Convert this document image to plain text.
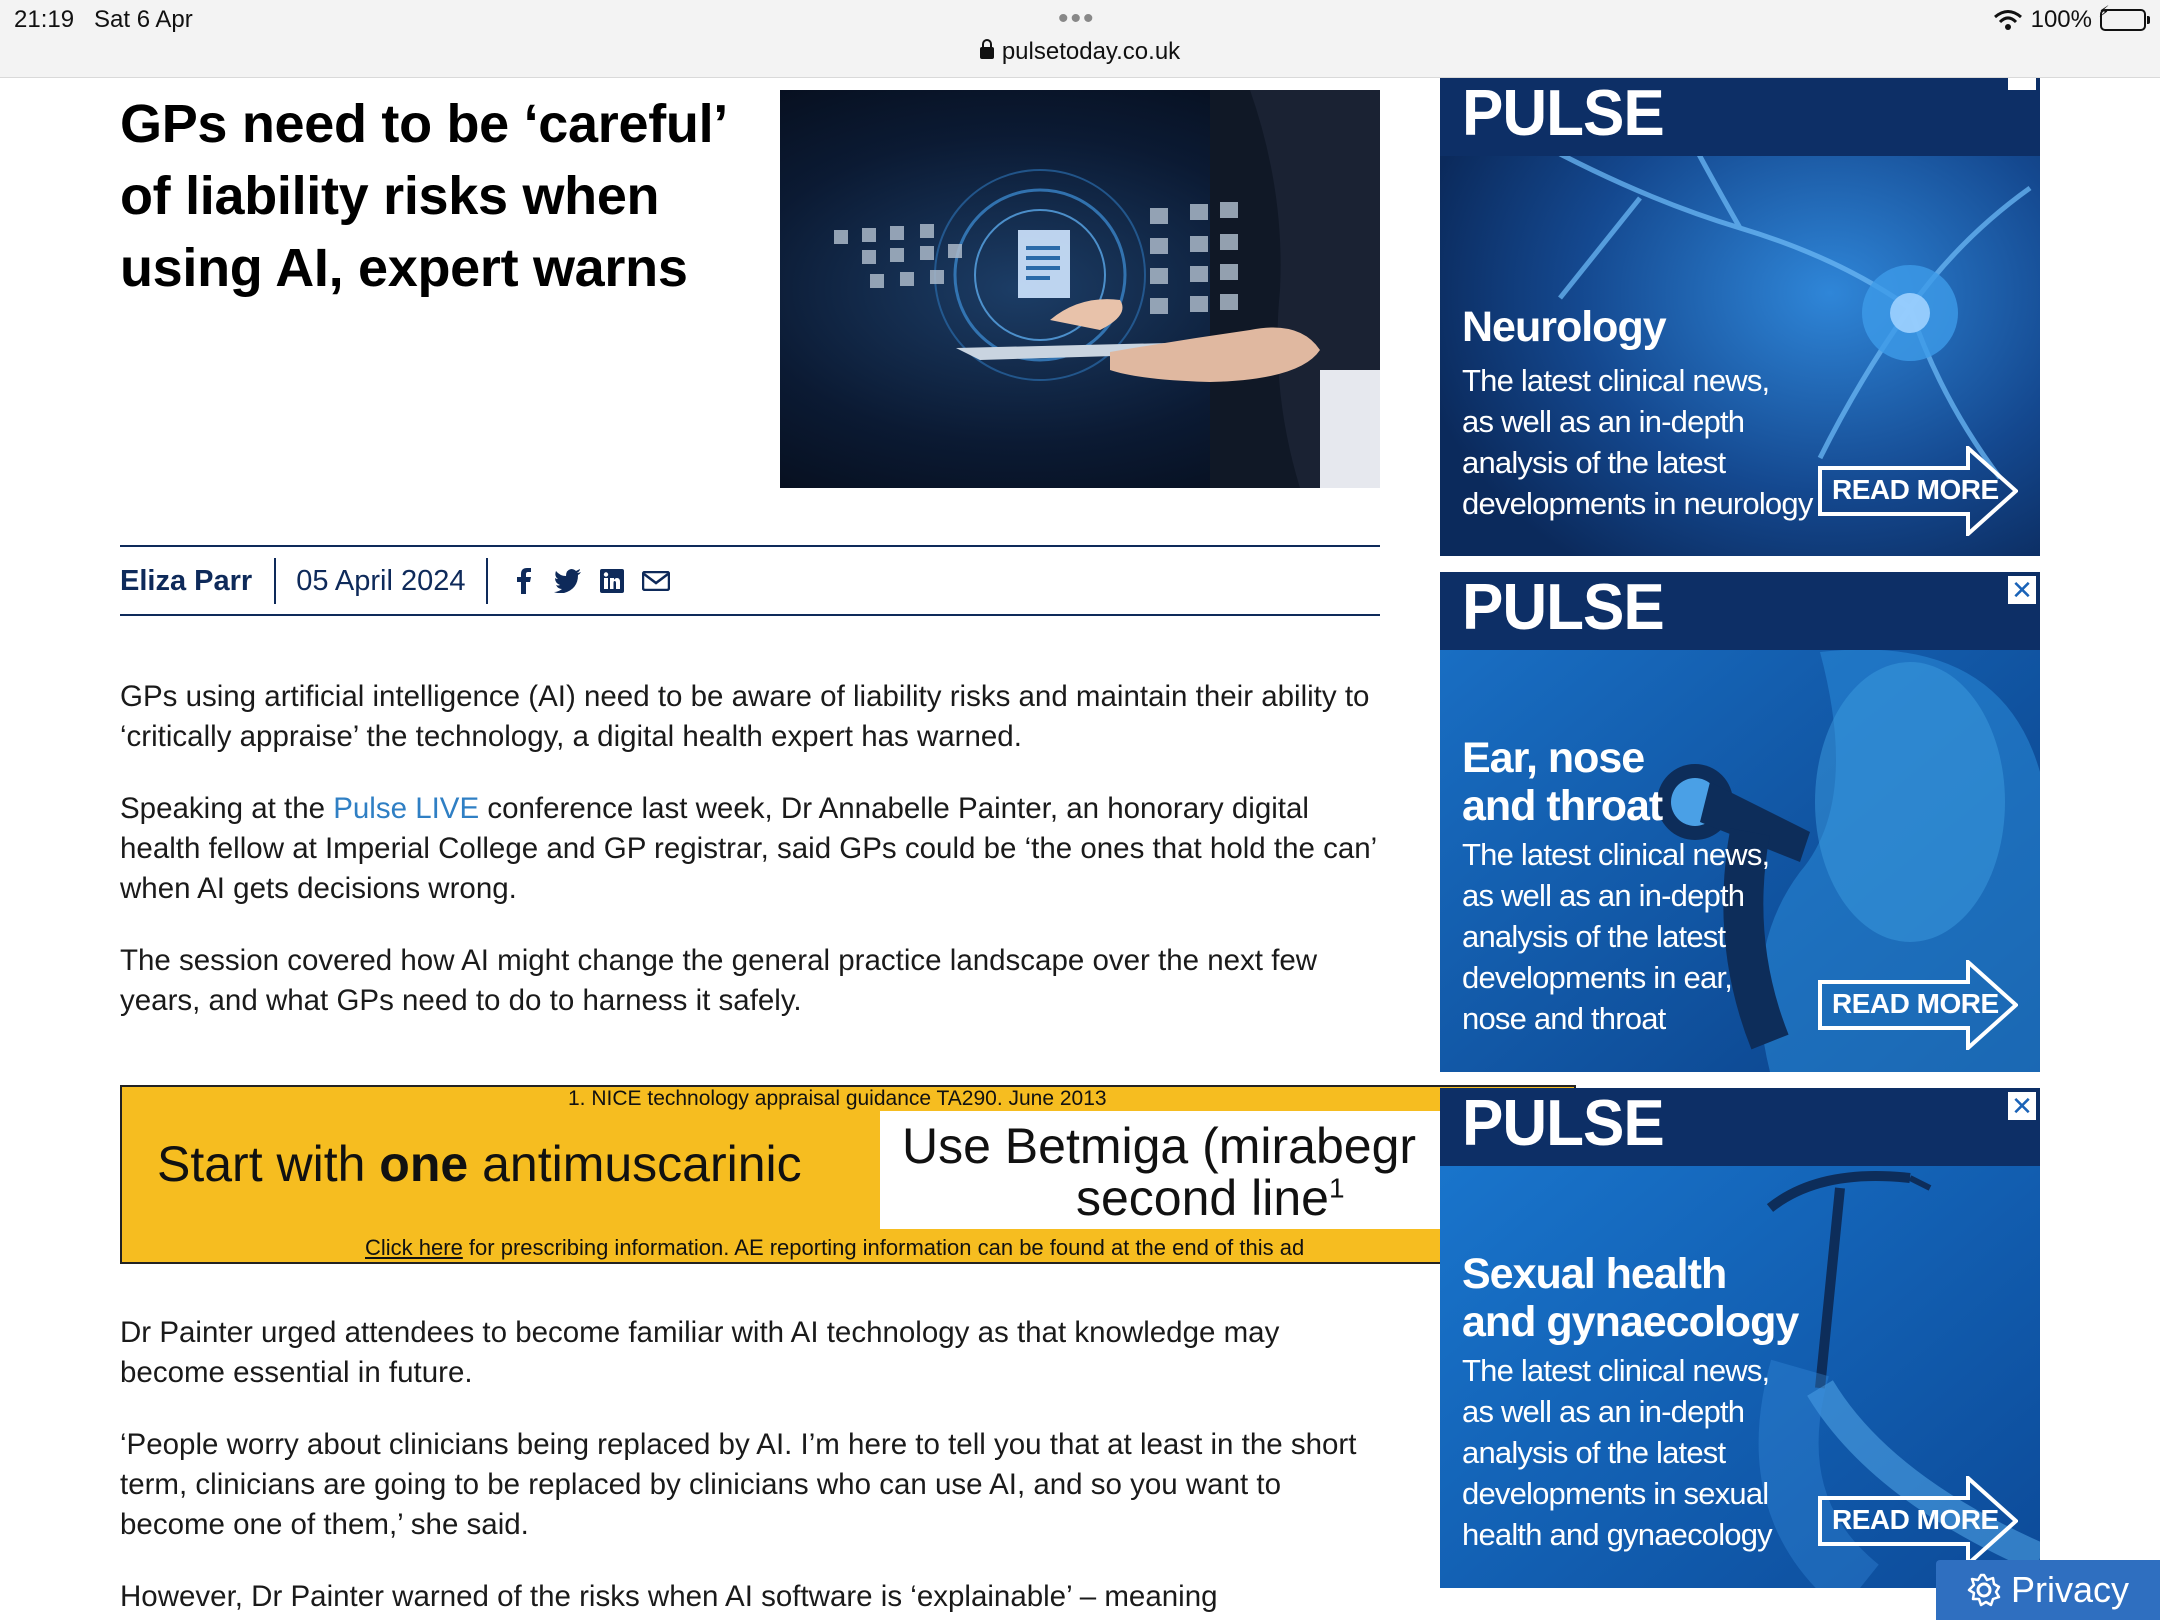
21:19 Sat 6 Apr	•••	100% ⚡
pulsetoday.co.uk
GPs need to be ‘careful’ of liability risks when using AI, expert warns
Eliza Parr	05 April 2024

GPs using artificial intelligence (AI) need to be aware of liability risks and maintain their ability to ‘critically appraise’ the technology, a digital health expert has warned.

Speaking at the Pulse LIVE conference last week, Dr Annabelle Painter, an honorary digital health fellow at Imperial College and GP registrar, said GPs could be ‘the ones that hold the can’ when AI gets decisions wrong.

The session covered how AI might change the general practice landscape over the next few years, and what GPs need to do to harness it safely.

1. NICE technology appraisal guidance TA290. June 2013
Start with one antimuscarinic Use Betmiga (mirabegr
second line$^1$
Click here for prescribing information. AE reporting information can be found at the end of this ad

Dr Painter urged attendees to become familiar with AI technology as that knowledge may become essential in future.

‘People worry about clinicians being replaced by AI. I’m here to tell you that at least in the short term, clinicians are going to be replaced by clinicians who can use AI, and so you want to become one of them,’ she said.

However, Dr Painter warned of the risks when AI software is ‘explainable’ – meaning

PULSE
Neurology
The latest clinical news,
as well as an in-depth
analysis of the latest
developments in neurology READ MORE
PULSE	✕
Ear, nose
and throat
The latest clinical news,
as well as an in-depth
analysis of the latest
developments in ear,
nose and throat	READ MORE
PULSE	✕
Sexual health
and gynaecology
The latest clinical news,
as well as an in-depth
analysis of the latest
developments in sexual
health and gynaecology READ MORE
Privacy
